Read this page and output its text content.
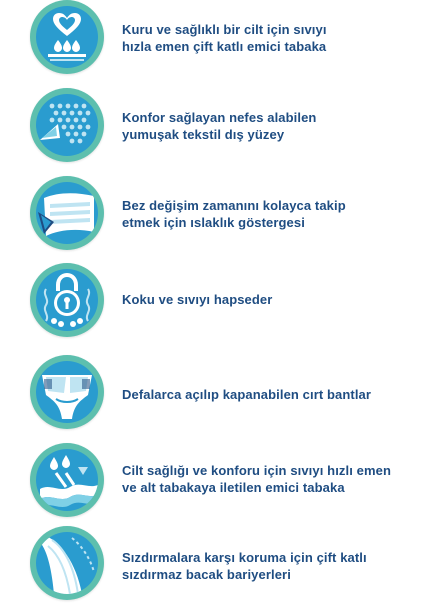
Kuru ve sağlıklı bir cilt için sıvıyı
hızla emen çift katlı emici tabaka
Konfor sağlayan nefes alabilen
yumuşak tekstil dış yüzey
Bez değişim zamanını kolayca takip
etmek için ıslaklık göstergesi
Koku ve sıvıyı hapseder
Defalarca açılıp kapanabilen cırt bantlar
Cilt sağlığı ve konforu için sıvıyı hızlı emen
ve alt tabakaya iletilen emici tabaka
Sızdırmalara karşı koruma için çift katlı
sızdırmaz bacak bariyerleri
